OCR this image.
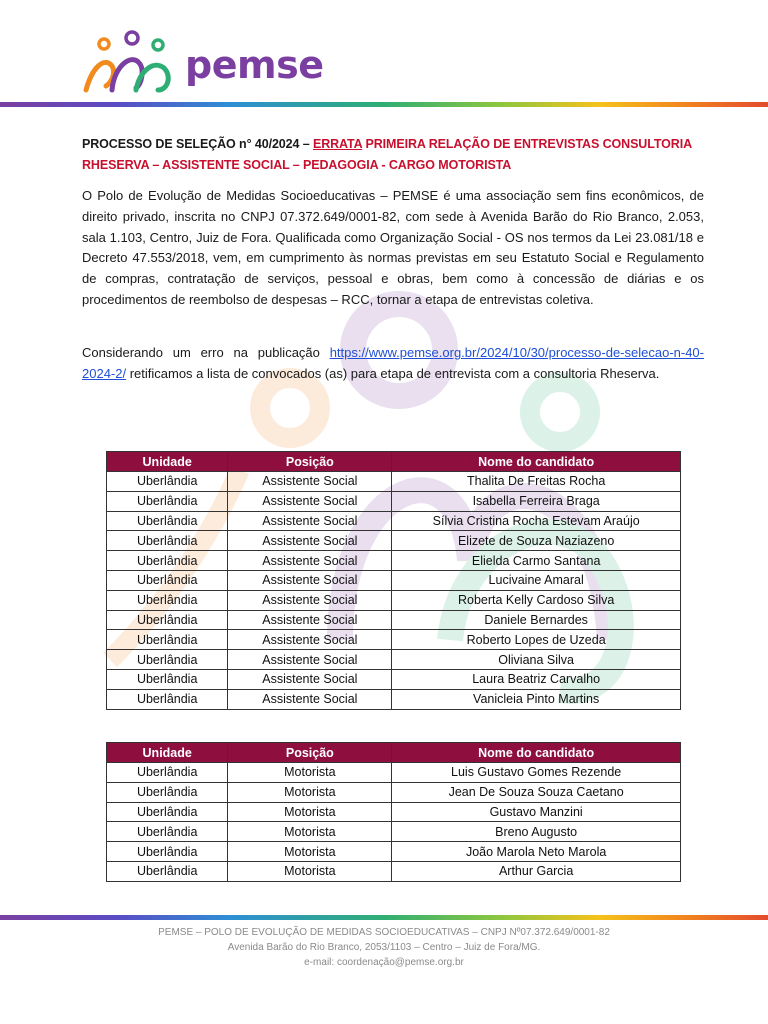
pemse
PROCESSO DE SELEÇÃO n° 40/2024 – ERRATA PRIMEIRA RELAÇÃO DE ENTREVISTAS CONSULTORIA RHESERVA – ASSISTENTE SOCIAL – PEDAGOGIA - CARGO MOTORISTA
O Polo de Evolução de Medidas Socioeducativas – PEMSE é uma associação sem fins econômicos, de direito privado, inscrita no CNPJ 07.372.649/0001-82, com sede à Avenida Barão do Rio Branco, 2.053, sala 1.103, Centro, Juiz de Fora. Qualificada como Organização Social - OS nos termos da Lei 23.081/18 e Decreto 47.553/2018, vem, em cumprimento às normas previstas em seu Estatuto Social e Regulamento de compras, contratação de serviços, pessoal e obras, bem como à concessão de diárias e os procedimentos de reembolso de despesas – RCC, tornar a etapa de entrevistas coletiva.
Considerando um erro na publicação https://www.pemse.org.br/2024/10/30/processo-de-selecao-n-40-2024-2/ retificamos a lista de convocados (as) para etapa de entrevista com a consultoria Rheserva.
Unidade	Posição	Nome do candidato
Uberlândia	Assistente Social	Thalita De Freitas Rocha
Uberlândia	Assistente Social	Isabella Ferreira Braga
Uberlândia	Assistente Social	Sílvia Cristina Rocha Estevam Araújo
Uberlândia	Assistente Social	Elizete de Souza Naziazeno
Uberlândia	Assistente Social	Elielda Carmo Santana
Uberlândia	Assistente Social	Lucivaine Amaral
Uberlândia	Assistente Social	Roberta Kelly Cardoso Silva
Uberlândia	Assistente Social	Daniele Bernardes
Uberlândia	Assistente Social	Roberto Lopes de Uzeda
Uberlândia	Assistente Social	Oliviana Silva
Uberlândia	Assistente Social	Laura Beatriz Carvalho
Uberlândia	Assistente Social	Vanicleia Pinto Martins
Unidade	Posição	Nome do candidato
Uberlândia	Motorista	Luis Gustavo Gomes Rezende
Uberlândia	Motorista	Jean De Souza Souza Caetano
Uberlândia	Motorista	Gustavo Manzini
Uberlândia	Motorista	Breno Augusto
Uberlândia	Motorista	João Marola Neto Marola
Uberlândia	Motorista	Arthur Garcia
PEMSE – POLO DE EVOLUÇÃO DE MEDIDAS SOCIOEDUCATIVAS – CNPJ Nº07.372.649/0001-82
Avenida Barão do Rio Branco, 2053/1103 – Centro – Juiz de Fora/MG.
e-mail: coordenação@pemse.org.br
